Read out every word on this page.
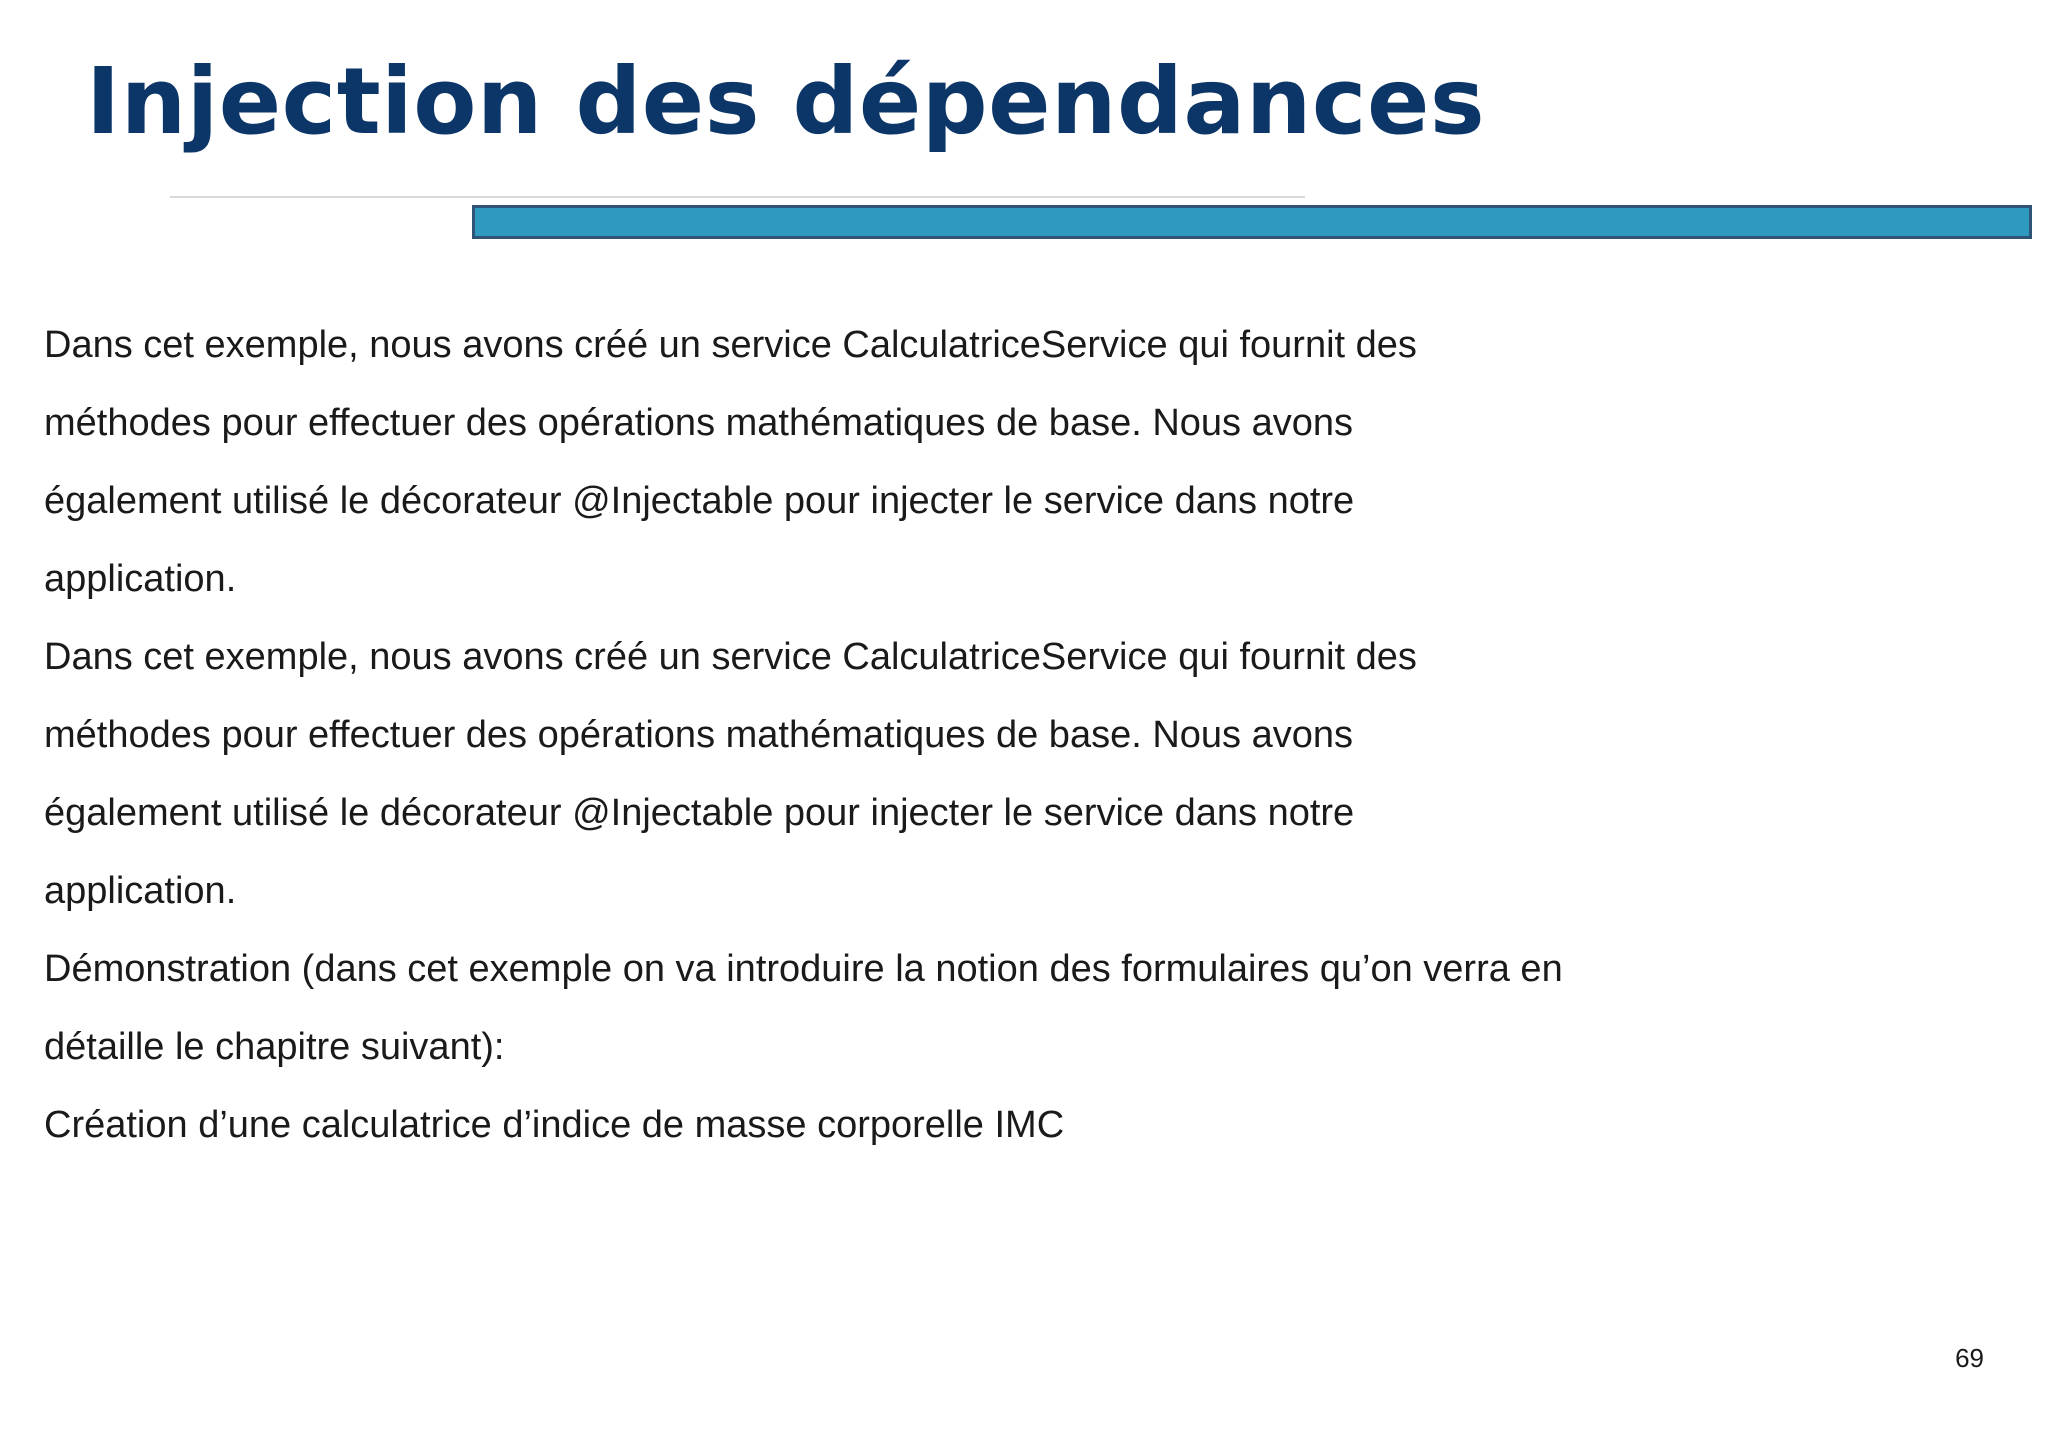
Injection des dépendances
Dans cet exemple, nous avons créé un service CalculatriceService qui fournit des
méthodes pour effectuer des opérations mathématiques de base. Nous avons
également utilisé le décorateur @Injectable pour injecter le service dans notre
application.
Dans cet exemple, nous avons créé un service CalculatriceService qui fournit des
méthodes pour effectuer des opérations mathématiques de base. Nous avons
également utilisé le décorateur @Injectable pour injecter le service dans notre
application.
Démonstration (dans cet exemple on va introduire la notion des formulaires qu’on verra en
détaille le chapitre suivant):
Création d’une calculatrice d’indice de masse corporelle IMC
69
